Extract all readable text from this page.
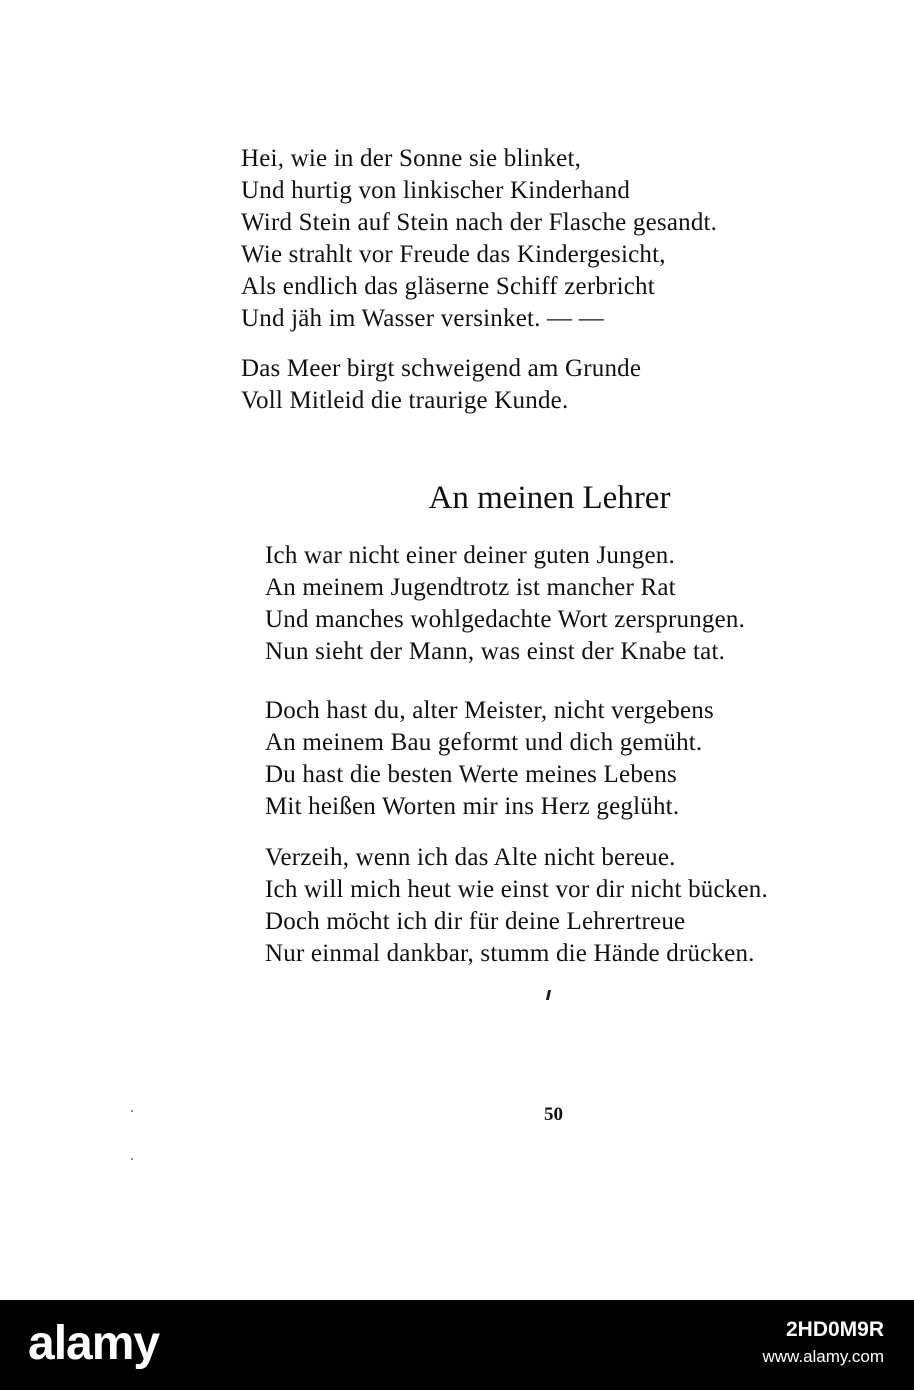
Hei, wie in der Sonne sie blinket,
Und hurtig von linkischer Kinderhand
Wird Stein auf Stein nach der Flasche gesandt.
Wie strahlt vor Freude das Kindergesicht,
Als endlich das gläserne Schiff zerbricht
Und jäh im Wasser versinket. — —
Das Meer birgt schweigend am Grunde
Voll Mitleid die traurige Kunde.
An meinen Lehrer
Ich war nicht einer deiner guten Jungen.
An meinem Jugendtrotz ist mancher Rat
Und manches wohlgedachte Wort zersprungen.
Nun sieht der Mann, was einst der Knabe tat.
Doch hast du, alter Meister, nicht vergebens
An meinem Bau geformt und dich gemüht.
Du hast die besten Werte meines Lebens
Mit heißen Worten mir ins Herz geglüht.
Verzeih, wenn ich das Alte nicht bereue.
Ich will mich heut wie einst vor dir nicht bücken.
Doch möcht ich dir für deine Lehrertreue
Nur einmal dankbar, stumm die Hände drücken.
50
alamy	2HD0M9R
www.alamy.com
